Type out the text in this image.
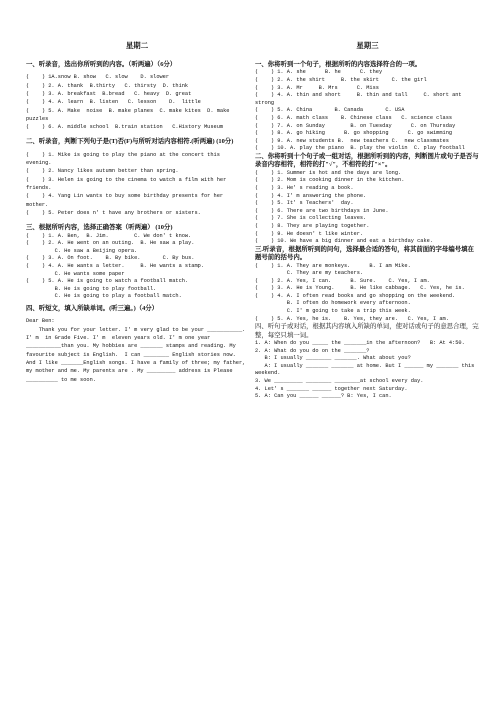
星期二
一、听录音，选出你所听到的内容。（听两遍）（6分）
(    ) 1A.snow B. show   C. slow    D. slower
(    ) 2. A. thank  B.thirty   C. thirsty  D. think
(    ) 3. A. breakfast  B.bread   C. heavy  D. great
(    ) 4. A. learn  B. listen   C. lesson    D.  little
(    ) 5. A. Make  noise  B. make planes  C. make kites  D. make puzzles
(    ) 6. A. middle school  B.train station   C.History Museum
二、听录音，判断下列句子是(T)否(F)与所听对话内容相符.(听两遍) (10分)
(    ) 1. Mike is going to play the piano at the concert this evening.
(    ) 2. Nancy likes autumn better than spring.
(    ) 3. Helen is going to the cinema to watch a film with her friends.
(    ) 4. Yang Lin wants to buy some birthday presents for her mother.
(    ) 5. Peter does n' t have any brothers or sisters.
三、根据所听内容，选择正确答案（听两遍） (10分)
(    ) 1. A. Ben,  B. Jim.        C. We don' t know.
(    ) 2. A. He went on an outing.  B. He saw a play.
C. He saw a Beijing opera.
(    ) 3. A. On foot.    B. By bike.       C. By bus.
(    ) 4. A. He wants a letter.     B. He wants a stamp.
C. He wants some paper
(    ) 5. A. He is going to watch a football match.
B. He is going to play football.
C. He is going to play a football match.
四、听短文，填入所缺单词。(听三遍。)（4分）
Dear Ben:
Thank you for your letter. I' m very glad to be your ___________. I' m  in Grade Five. I' m  eleven years old. I' m one year ___________than you. My hobbies are _______ stamps and reading. My favourite subject is English.  I can ________ English stories now. And I like _______English songs. I have a family of three; my father, my mother and me. My parents are . My _________ address is Please __________ to me soon.
星期三
一、你将听到一个句子，根据所听的内容选择符合的一项。
(    ) 1. A. she      B. he      C. they
(    ) 2. A. the shirt     B. the skirt    C. the girl
(    ) 3. A. Mr     B. Mrs      C. Miss
(    ) 4. A. thin and short     B. thin and tall     C. short ant strong
(    ) 5. A. China       B. Canada       C. USA
(    ) 6. A. math class    B. Chinese class   C. science class
(    ) 7. A. on Sunday        B. on Tuesday      C. on Thursday
(    ) 8. A. go hiking      B. go shopping      C. go swimming
(    ) 9. A. new students B.  new teachers C.  new classmates
(    ) 10. A. play the piano  B. play the violin  C. play football
二、你将听到十个句子或一组对话，根据所听到的内容，判断图片或句子是否与录音内容相符，相符的打"√"，不相符的打"×"。
(    ) 1. Summer is hot and the days are long.
(    ) 2. Mom is cooking dinner in the kitchen.
(    ) 3. He' s reading a book.
(    ) 4. I' m answering the phone.
(    ) 5. It' s Teachers'  day.
(    ) 6. There are two birthdays in June.
(    ) 7. She is collecting leaves.
(    ) 8. They are playing together.
(    ) 9. He doesn' t like winter.
(    ) 10. We have a big dinner and eat a birthday cake.
三.听录音，根据所听到的问句，选择最合适的答句，将其前面的字母编号填在题号前的括号内。
(    ) 1. A. They are monkeys.      B. I am Mike.
C. They are my teachers.
(    ) 2. A. Yes, I can.      B. Sure.    C. Yes, I am.
(    ) 3. A. He is Young.     B. He like cabbage.   C. Yes, he is.
(    ) 4. A. I often read books and go shopping on the weekend.
B. I often do homework every afternoon.
C. I' m going to take a trip this week.
(    ) 5. A. Yes, he is.    B. Yes, they are.   C. Yes, I am.
四、听句子或对话，根据其内容填入所缺的单词，使对话或句子的意思合理，完整，每空只填一词。
1. A: When do you _____ the _______in the afternoon?   B: At 4:50.
2. A: What do you do on the _______?
B: I usually ________ _______. What about you?
A: I usually _______ _______ at home. But I ______ my _______ this weekend.
3. We _________ ________ ________at school every day.
4. Let' s _______ ______ together next Saturday.
5. A: Can you ______ ______? B: Yes, I can.
